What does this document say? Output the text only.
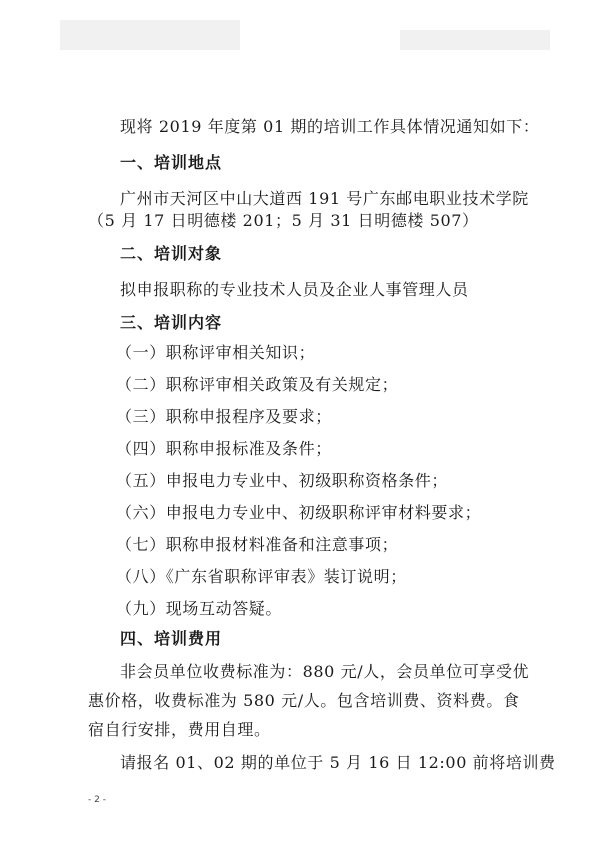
现将 2019 年度第 01 期的培训工作具体情况通知如下：
一、培训地点
广州市天河区中山大道西 191 号广东邮电职业技术学院
（5 月 17 日明德楼 201；5 月 31 日明德楼 507）
二、培训对象
拟申报职称的专业技术人员及企业人事管理人员
三、培训内容
（一）职称评审相关知识；
（二）职称评审相关政策及有关规定；
（三）职称申报程序及要求；
（四）职称申报标准及条件；
（五）申报电力专业中、初级职称资格条件；
（六）申报电力专业中、初级职称评审材料要求；
（七）职称申报材料准备和注意事项；
（八）《广东省职称评审表》装订说明；
（九）现场互动答疑。
四、培训费用
非会员单位收费标准为：880 元/人，会员单位可享受优
惠价格，收费标准为 580 元/人。包含培训费、资料费。食
宿自行安排，费用自理。
请报名 01、02 期的单位于 5 月 16 日 12:00 前将培训费
- 2 -
